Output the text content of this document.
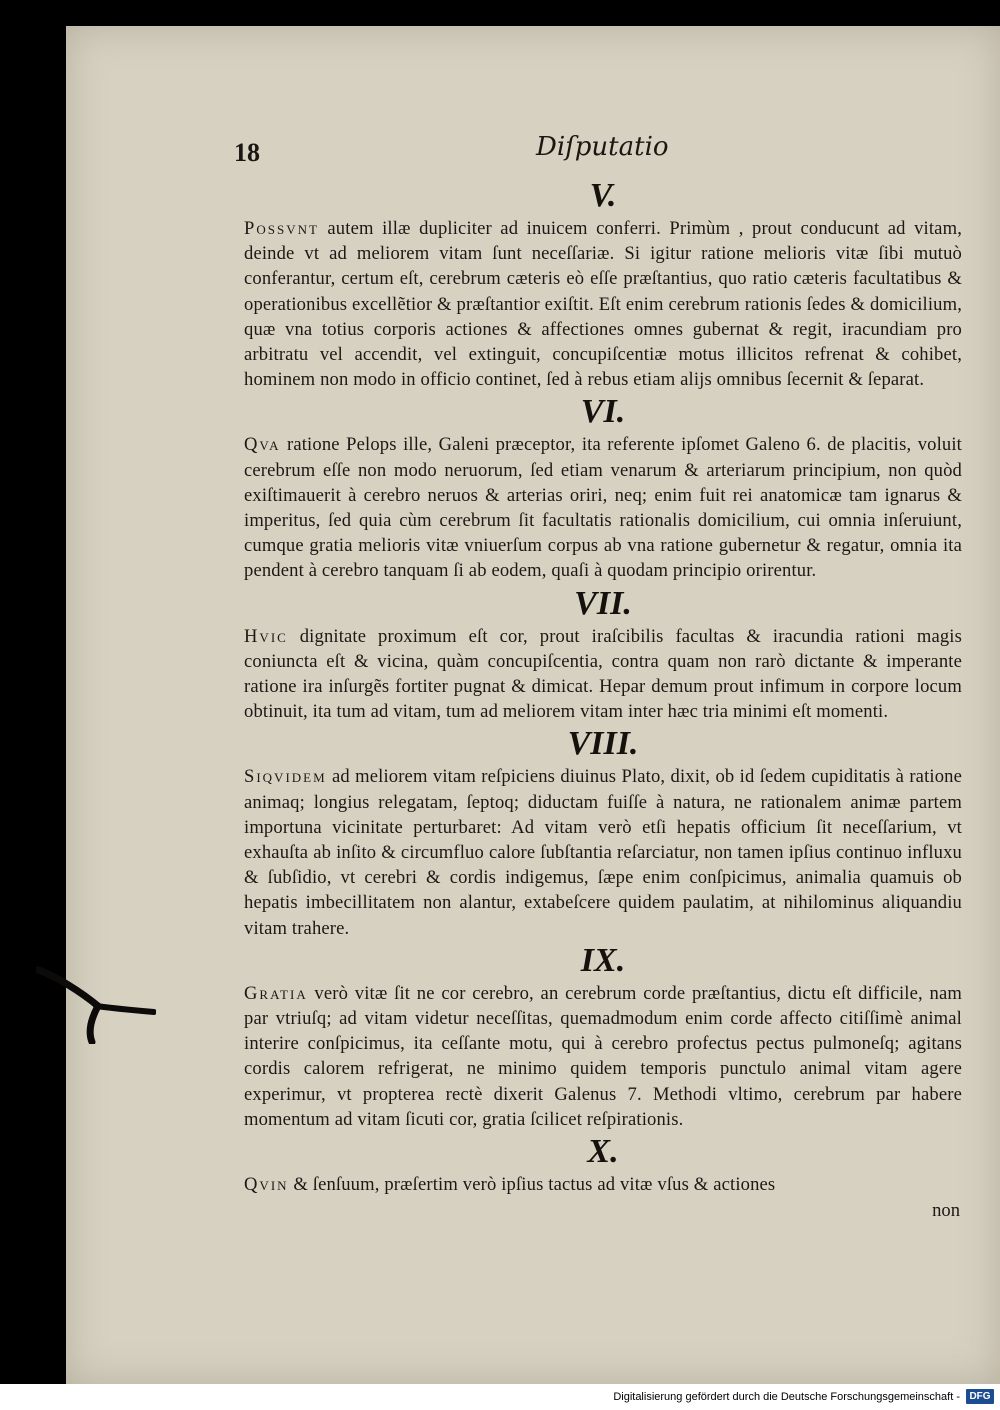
18	Diſputatio
V.

Possvnt autem illæ dupliciter ad inuicem conferri. Primùm , prout conducunt ad vitam, deinde vt ad meliorem vitam ſunt neceſſariæ. Si igitur ratione melioris vitæ ſibi mutuò conferantur, certum eſt, cerebrum cæteris eò eſſe præſtantius, quo ratio cæteris facultatibus & operationibus excellẽtior & præſtantior exiſtit. Eſt enim cerebrum rationis ſedes & domicilium, quæ vna totius corporis actiones & affectiones omnes gubernat & regit, iracundiam pro arbitratu vel accendit, vel extinguit, concupiſcentiæ motus illicitos refrenat & cohibet, hominem non modo in officio continet, ſed à rebus etiam alijs omnibus ſecernit & ſeparat.

VI.

Qva ratione Pelops ille, Galeni præceptor, ita referente ipſomet Galeno 6. de placitis, voluit cerebrum eſſe non modo neruorum, ſed etiam venarum & arteriarum principium, non quòd exiſtimauerit à cerebro neruos & arterias oriri, neq; enim fuit rei anatomicæ tam ignarus & imperitus, ſed quia cùm cerebrum ſit facultatis rationalis domicilium, cui omnia inſeruiunt, cumque gratia melioris vitæ vniuerſum corpus ab vna ratione gubernetur & regatur, omnia ita pendent à cerebro tanquam ſi ab eodem, quaſi à quodam principio orirentur.

VII.

Hvic dignitate proximum eſt cor, prout iraſcibilis facultas & iracundia rationi magis coniuncta eſt & vicina, quàm concupiſcentia, contra quam non rarò dictante & imperante ratione ira inſurgẽs fortiter pugnat & dimicat. Hepar demum prout infimum in corpore locum obtinuit, ita tum ad vitam, tum ad meliorem vitam inter hæc tria minimi eſt momenti.

VIII.

Siqvidem ad meliorem vitam reſpiciens diuinus Plato, dixit, ob id ſedem cupiditatis à ratione animaq; longius relegatam, ſeptoq; diductam fuiſſe à natura, ne rationalem animæ partem importuna vicinitate perturbaret: Ad vitam verò etſi hepatis officium ſit neceſſarium, vt exhauſta ab inſito & circumfluo calore ſubſtantia reſarciatur, non tamen ipſius continuo influxu & ſubſidio, vt cerebri & cordis indigemus, ſæpe enim conſpicimus, animalia quamuis ob hepatis imbecillitatem non alantur, extabeſcere quidem paulatim, at nihilominus aliquandiu vitam trahere.

IX.

Gratia verò vitæ ſit ne cor cerebro, an cerebrum corde præſtantius, dictu eſt difficile, nam par vtriuſq; ad vitam videtur neceſſitas, quemadmodum enim corde affecto citiſſimè animal interire conſpicimus, ita ceſſante motu, qui à cerebro profectus pectus pulmoneſq; agitans cordis calorem refrigerat, ne minimo quidem temporis punctulo animal vitam agere experimur, vt propterea rectè dixerit Galenus 7. Methodi vltimo, cerebrum par habere momentum ad vitam ſicuti cor, gratia ſcilicet reſpirationis.

X.

Qvin & ſenſuum, præſertim verò ipſius tactus ad vitæ vſus & actiones

non
Digitalisierung gefördert durch die Deutsche Forschungsgemeinschaft - DFG
